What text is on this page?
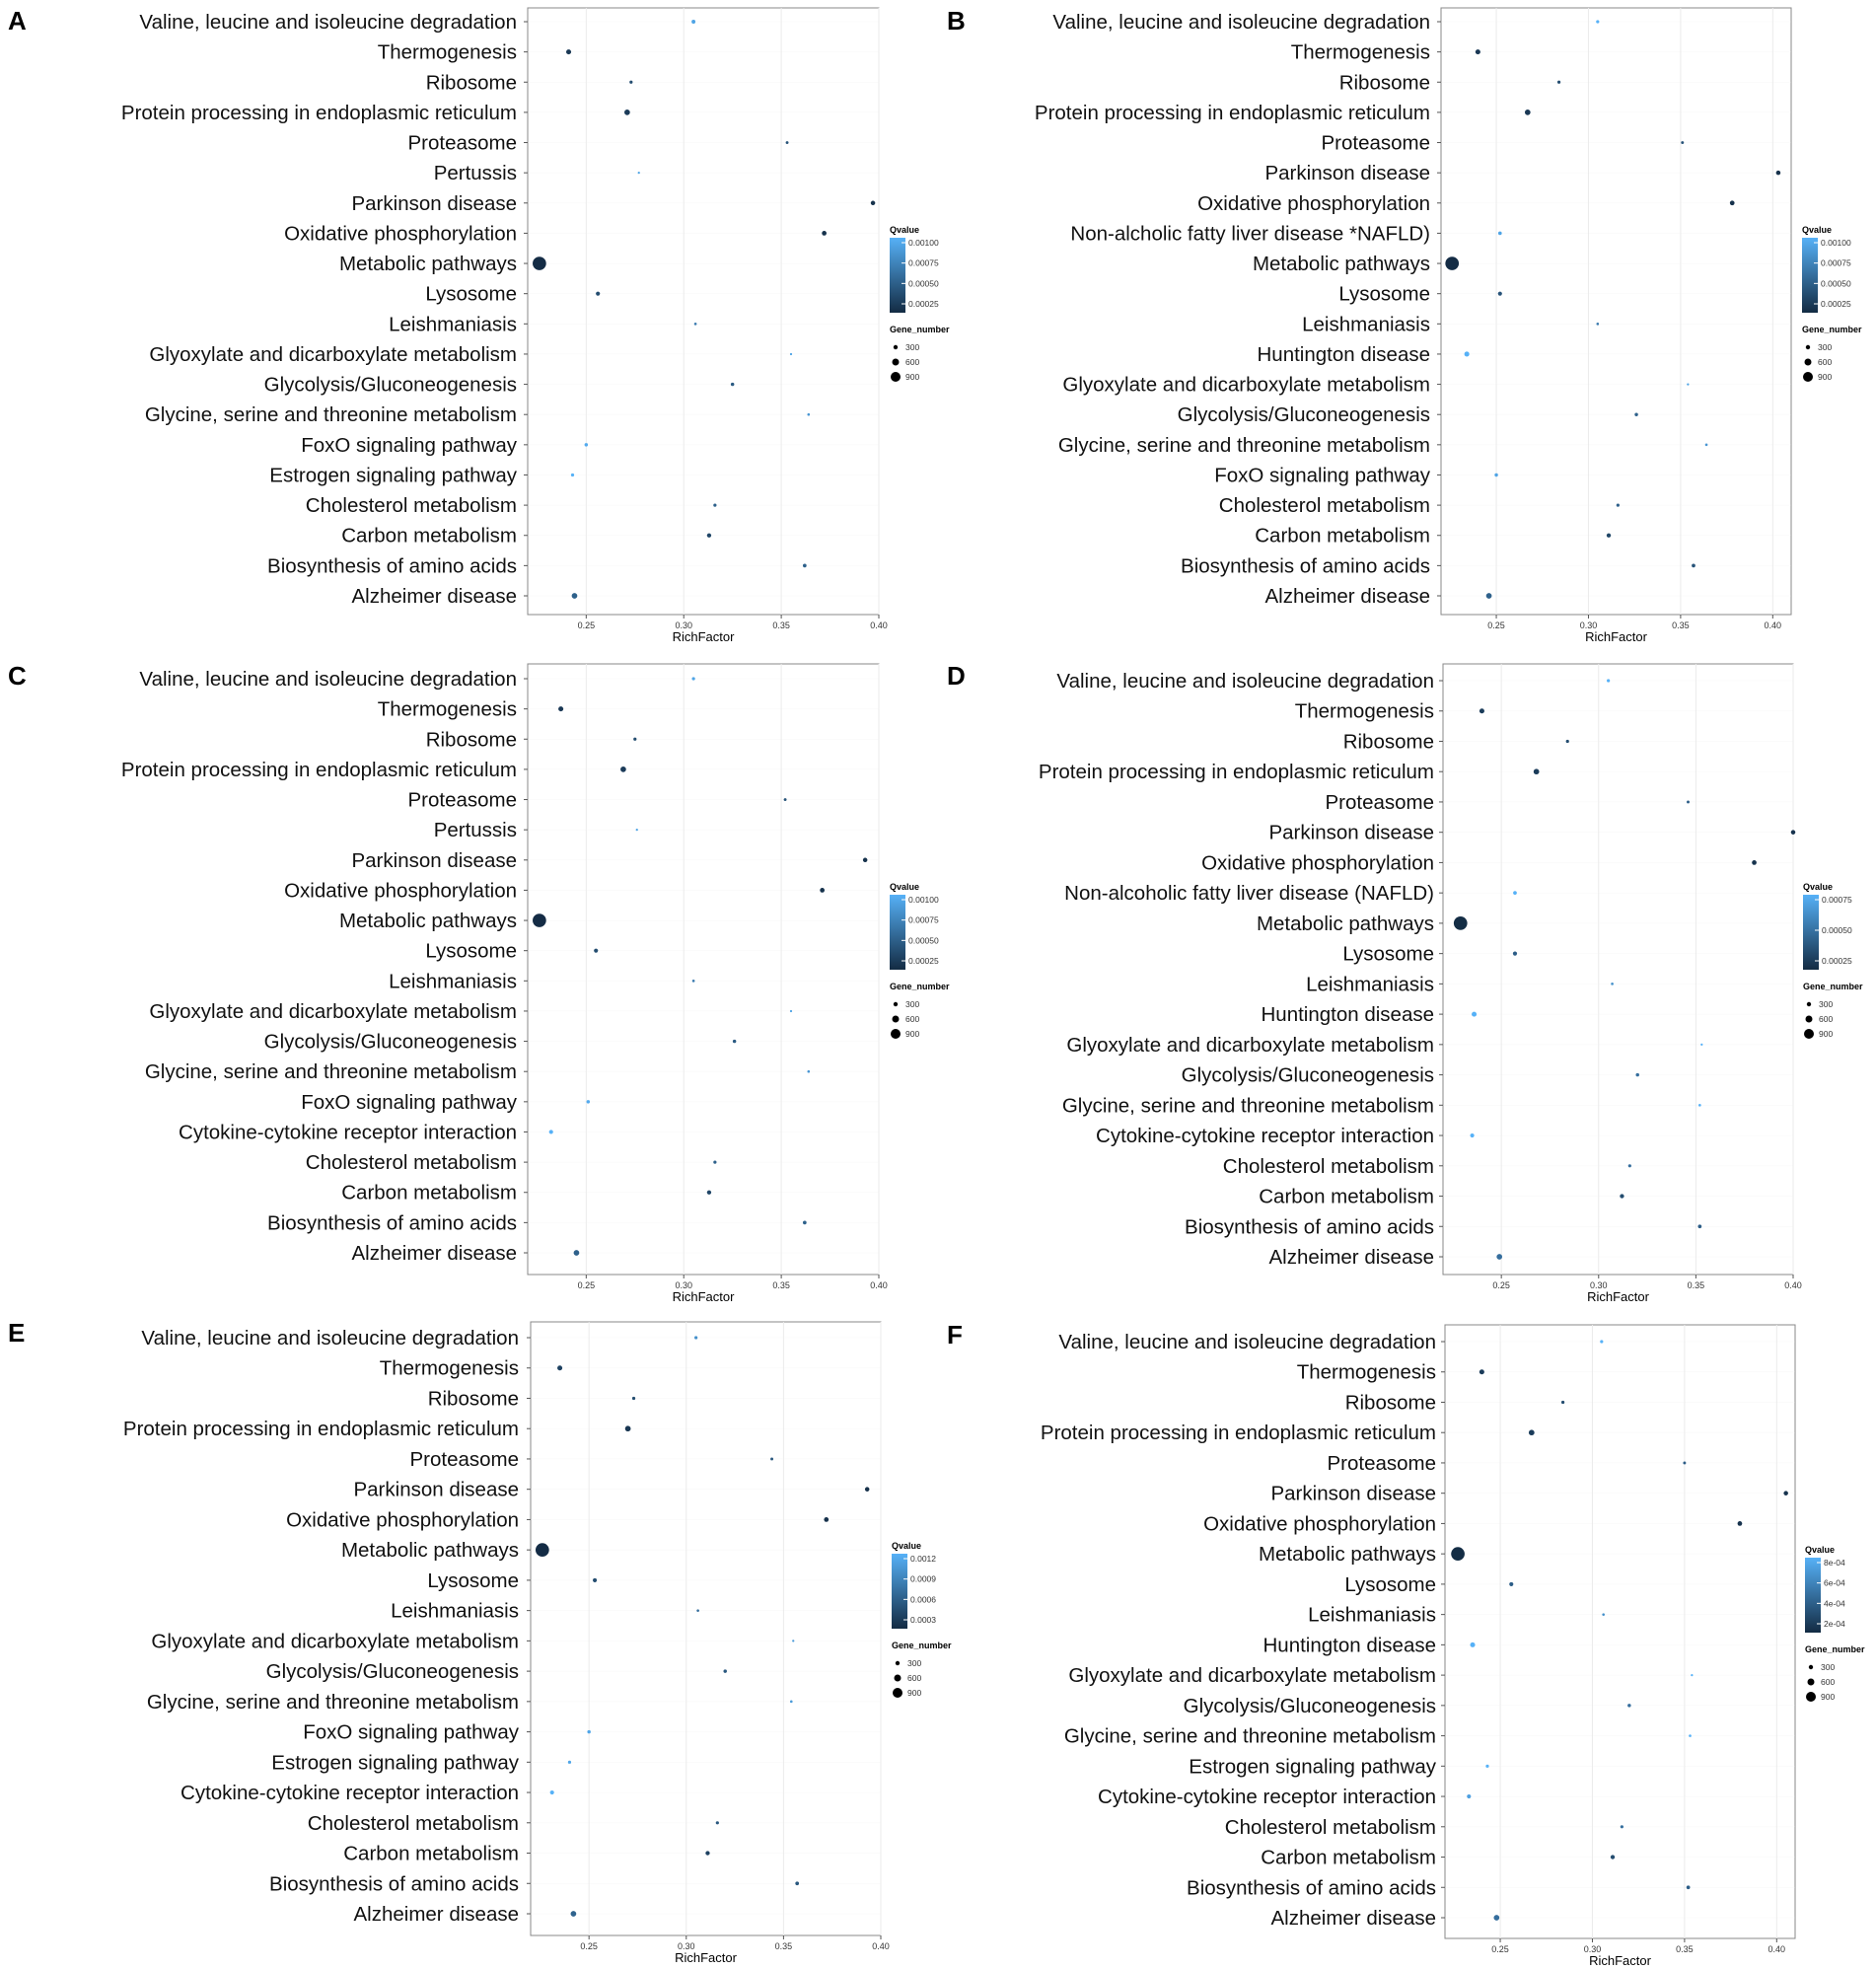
A
0.25	0.30	0.35	0.40
RichFactor
Valine, leucine and isoleucine degradation
Thermogenesis
Ribosome
Protein processing in endoplasmic reticulum
Proteasome
Pertussis
Parkinson disease
Oxidative phosphorylation
Metabolic pathways
Lysosome
Leishmaniasis
Glyoxylate and dicarboxylate metabolism
Glycolysis/Gluconeogenesis
Glycine, serine and threonine metabolism
FoxO signaling pathway
Estrogen signaling pathway
Cholesterol metabolism
Carbon metabolism
Biosynthesis of amino acids
Alzheimer disease
Qvalue
0.00100
0.00075
0.00050
0.00025
Gene_number
300
600
900
B
0.25	0.30	0.35	0.40
RichFactor
Valine, leucine and isoleucine degradation
Thermogenesis
Ribosome
Protein processing in endoplasmic reticulum
Proteasome
Parkinson disease
Oxidative phosphorylation
Non-alcholic fatty liver disease *NAFLD)
Metabolic pathways
Lysosome
Leishmaniasis
Huntington disease
Glyoxylate and dicarboxylate metabolism
Glycolysis/Gluconeogenesis
Glycine, serine and threonine metabolism
FoxO signaling pathway
Cholesterol metabolism
Carbon metabolism
Biosynthesis of amino acids
Alzheimer disease
Qvalue
0.00100
0.00075
0.00050
0.00025
Gene_number
300
600
900
C
0.25	0.30	0.35	0.40
RichFactor
Valine, leucine and isoleucine degradation
Thermogenesis
Ribosome
Protein processing in endoplasmic reticulum
Proteasome
Pertussis
Parkinson disease
Oxidative phosphorylation
Metabolic pathways
Lysosome
Leishmaniasis
Glyoxylate and dicarboxylate metabolism
Glycolysis/Gluconeogenesis
Glycine, serine and threonine metabolism
FoxO signaling pathway
Cytokine-cytokine receptor interaction
Cholesterol metabolism
Carbon metabolism
Biosynthesis of amino acids
Alzheimer disease
Qvalue
0.00100
0.00075
0.00050
0.00025
Gene_number
300
600
900
D
0.25	0.30	0.35	0.40
RichFactor
Valine, leucine and isoleucine degradation
Thermogenesis
Ribosome
Protein processing in endoplasmic reticulum
Proteasome
Parkinson disease
Oxidative phosphorylation
Non-alcoholic fatty liver disease (NAFLD)
Metabolic pathways
Lysosome
Leishmaniasis
Huntington disease
Glyoxylate and dicarboxylate metabolism
Glycolysis/Gluconeogenesis
Glycine, serine and threonine metabolism
Cytokine-cytokine receptor interaction
Cholesterol metabolism
Carbon metabolism
Biosynthesis of amino acids
Alzheimer disease
Qvalue
0.00075
0.00050
0.00025
Gene_number
300
600
900
E
0.25	0.30	0.35	0.40
RichFactor
Valine, leucine and isoleucine degradation
Thermogenesis
Ribosome
Protein processing in endoplasmic reticulum
Proteasome
Parkinson disease
Oxidative phosphorylation
Metabolic pathways
Lysosome
Leishmaniasis
Glyoxylate and dicarboxylate metabolism
Glycolysis/Gluconeogenesis
Glycine, serine and threonine metabolism
FoxO signaling pathway
Estrogen signaling pathway
Cytokine-cytokine receptor interaction
Cholesterol metabolism
Carbon metabolism
Biosynthesis of amino acids
Alzheimer disease
Qvalue
0.0012
0.0009
0.0006
0.0003
Gene_number
300
600
900
F
0.25	0.30	0.35	0.40
RichFactor
Valine, leucine and isoleucine degradation
Thermogenesis
Ribosome
Protein processing in endoplasmic reticulum
Proteasome
Parkinson disease
Oxidative phosphorylation
Metabolic pathways
Lysosome
Leishmaniasis
Huntington disease
Glyoxylate and dicarboxylate metabolism
Glycolysis/Gluconeogenesis
Glycine, serine and threonine metabolism
Estrogen signaling pathway
Cytokine-cytokine receptor interaction
Cholesterol metabolism
Carbon metabolism
Biosynthesis of amino acids
Alzheimer disease
Qvalue
8e-04
6e-04
4e-04
2e-04
Gene_number
300
600
900
